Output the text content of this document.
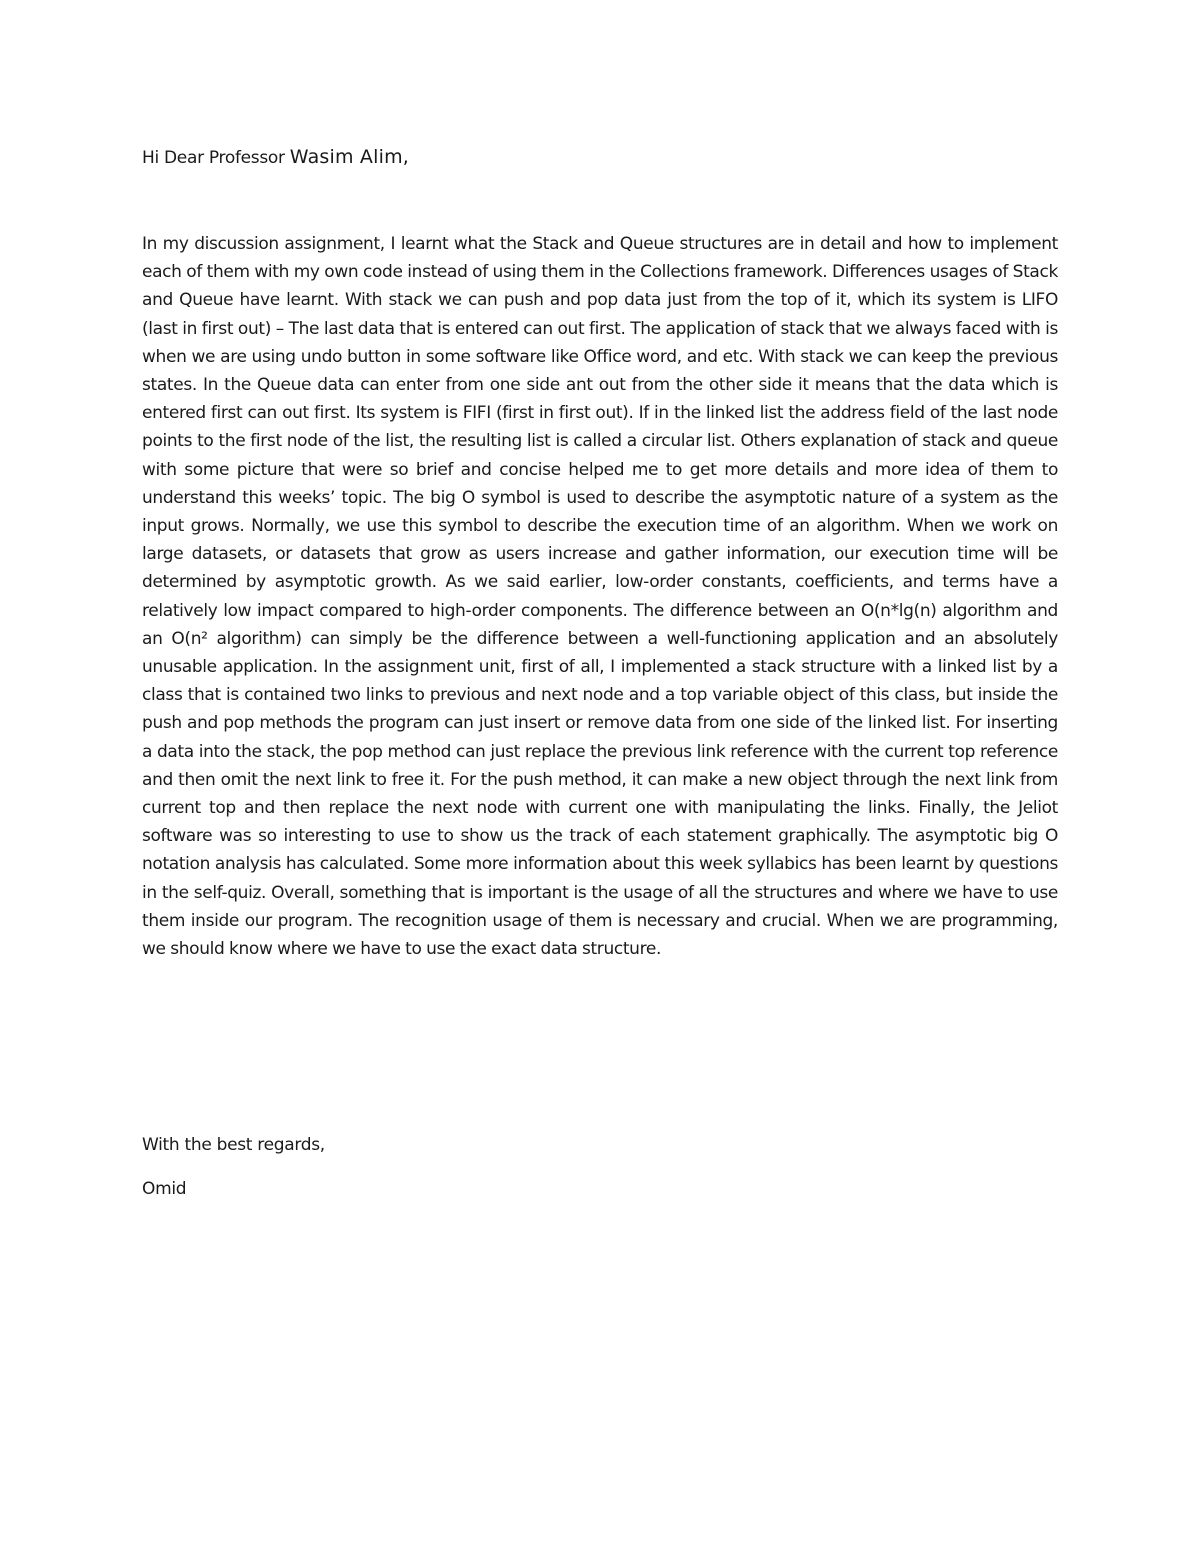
Hi Dear Professor Wasim Alim,

In my discussion assignment, I learnt what the Stack and Queue structures are in detail and how to implement each of them with my own code instead of using them in the Collections framework. Differences usages of Stack and Queue have learnt. With stack we can push and pop data just from the top of it, which its system is LIFO (last in first out) – The last data that is entered can out first. The application of stack that we always faced with is when we are using undo button in some software like Office word, and etc. With stack we can keep the previous states. In the Queue data can enter from one side ant out from the other side it means that the data which is entered first can out first. Its system is FIFI (first in first out). If in the linked list the address field of the last node points to the first node of the list, the resulting list is called a circular list. Others explanation of stack and queue with some picture that were so brief and concise helped me to get more details and more idea of them to understand this weeks’ topic. The big O symbol is used to describe the asymptotic nature of a system as the input grows. Normally, we use this symbol to describe the execution time of an algorithm. When we work on large datasets, or datasets that grow as users increase and gather information, our execution time will be determined by asymptotic growth. As we said earlier, low-order constants, coefficients, and terms have a relatively low impact compared to high-order components. The difference between an O(n*lg(n) algorithm and an O(n² algorithm) can simply be the difference between a well-functioning application and an absolutely unusable application. In the assignment unit, first of all, I implemented a stack structure with a linked list by a class that is contained two links to previous and next node and a top variable object of this class, but inside the push and pop methods the program can just insert or remove data from one side of the linked list. For inserting a data into the stack, the pop method can just replace the previous link reference with the current top reference and then omit the next link to free it. For the push method, it can make a new object through the next link from current top and then replace the next node with current one with manipulating the links. Finally, the Jeliot software was so interesting to use to show us the track of each statement graphically. The asymptotic big O notation analysis has calculated. Some more information about this week syllabics has been learnt by questions in the self-quiz. Overall, something that is important is the usage of all the structures and where we have to use them inside our program. The recognition usage of them is necessary and crucial. When we are programming, we should know where we have to use the exact data structure.

With the best regards,
Omid
